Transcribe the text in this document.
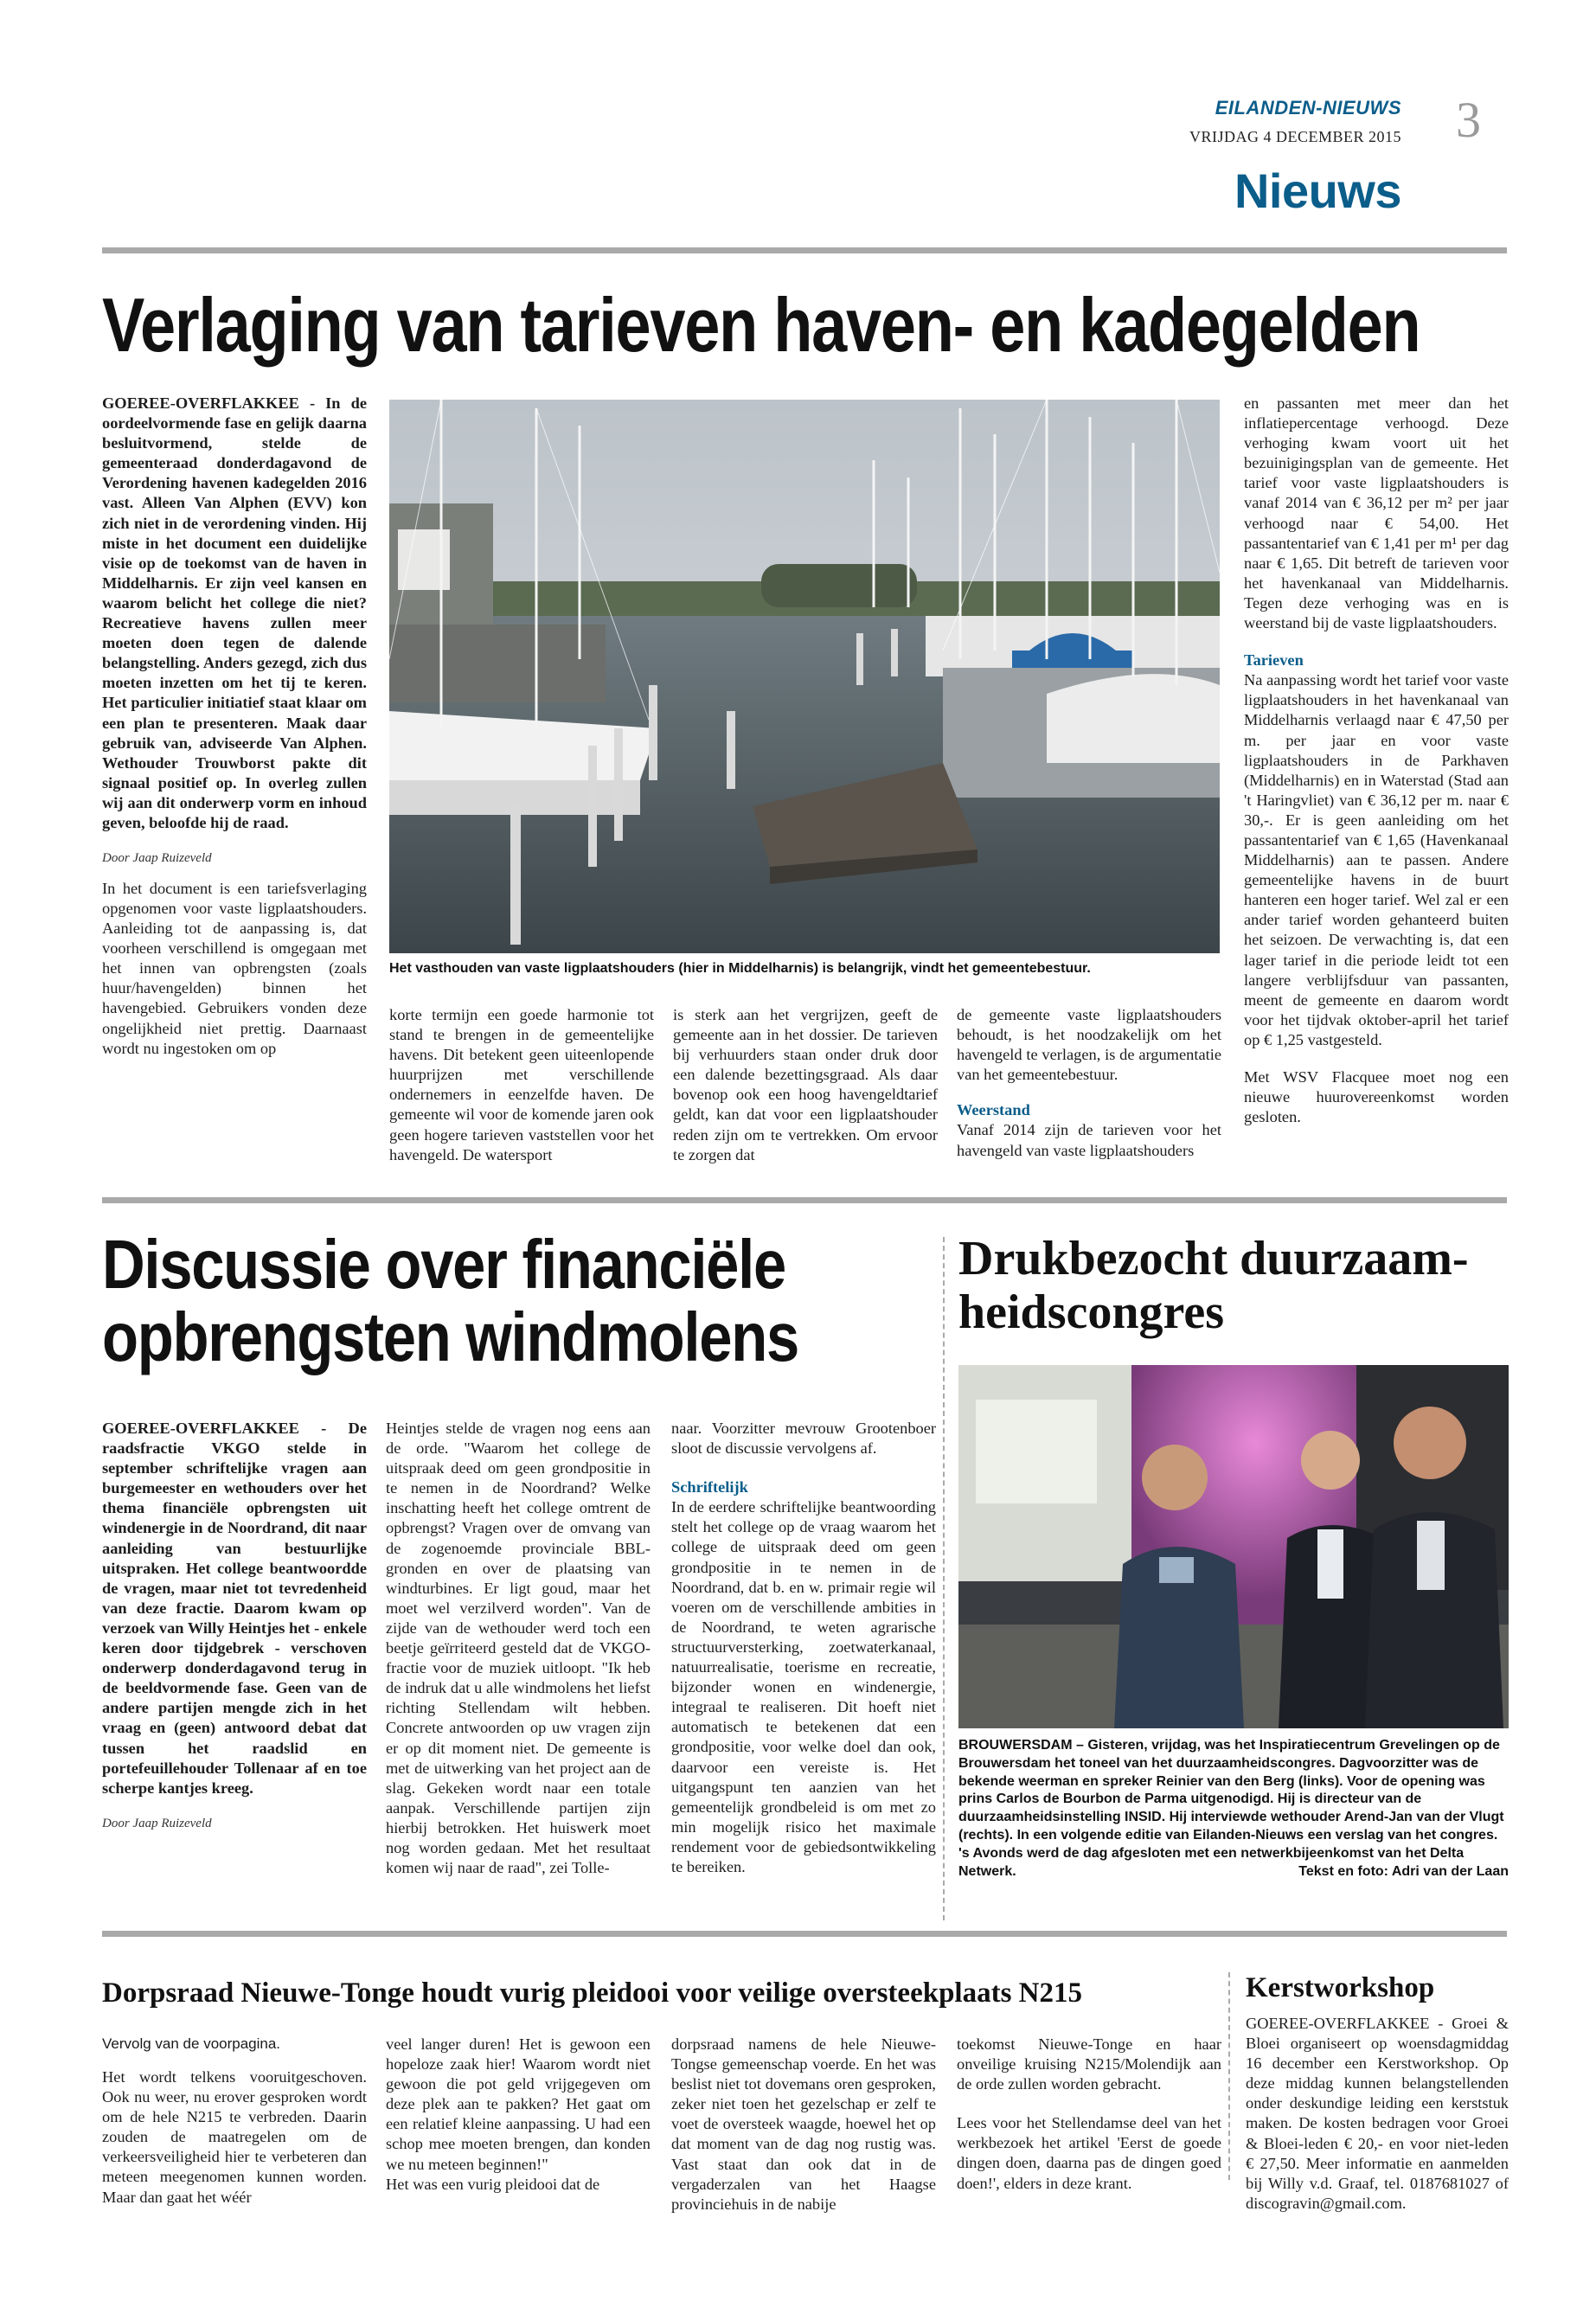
EILANDEN-NIEUWS
VRIJDAG 4 DECEMBER 2015 3
Nieuws
Verlaging van tarieven haven- en kadegelden

GOEREE-OVERFLAKKEE - In de oordeelvormende fase en gelijk daarna besluitvormend, stelde de gemeenteraad donderdagavond de Verordening havenen kadegelden 2016 vast. Alleen Van Alphen (EVV) kon zich niet in de verordening vinden. Hij miste in het document een duidelijke visie op de toekomst van de haven in Middelharnis. Er zijn veel kansen en waarom belicht het college die niet? Recreatieve havens zullen meer moeten doen tegen de dalende belangstelling. Anders gezegd, zich dus moeten inzetten om het tij te keren. Het particulier initiatief staat klaar om een plan te presenteren. Maak daar gebruik van, adviseerde Van Alphen. Wethouder Trouwborst pakte dit signaal positief op. In overleg zullen wij aan dit onderwerp vorm en inhoud geven, beloofde hij de raad.

Door Jaap Ruizeveld

In het document is een tariefsverlaging opgenomen voor vaste ligplaatshouders. Aanleiding tot de aanpassing is, dat voorheen verschillend is omgegaan met het innen van opbrengsten (zoals huur/havengelden) binnen het havengebied. Gebruikers vonden deze ongelijkheid niet prettig. Daarnaast wordt nu ingestoken om op

Het vasthouden van vaste ligplaatshouders (hier in Middelharnis) is belangrijk, vindt het gemeentebestuur.
korte termijn een goede harmonie tot stand te brengen in de gemeentelijke havens. Dit betekent geen uiteenlopende huurprijzen met verschillende ondernemers in eenzelfde haven. De gemeente wil voor de komende jaren ook geen hogere tarieven vaststellen voor het havengeld. De watersport
is sterk aan het vergrijzen, geeft de gemeente aan in het dossier. De tarieven bij verhuurders staan onder druk door een dalende bezettingsgraad. Als daar bovenop ook een hoog havengeldtarief geldt, kan dat voor een ligplaatshouder reden zijn om te vertrekken. Om ervoor te zorgen dat

de gemeente vaste ligplaatshouders behoudt, is het noodzakelijk om het havengeld te verlagen, is de argumentatie van het gemeentebestuur.

Weerstand

Vanaf 2014 zijn de tarieven voor het havengeld van vaste ligplaatshouders

en passanten met meer dan het inflatiepercentage verhoogd. Deze verhoging kwam voort uit het bezuinigingsplan van de gemeente. Het tarief voor vaste ligplaatshouders is vanaf 2014 van € 36,12 per m² per jaar verhoogd naar € 54,00. Het passantentarief van € 1,41 per m¹ per dag naar € 1,65. Dit betreft de tarieven voor het havenkanaal van Middelharnis. Tegen deze verhoging was en is weerstand bij de vaste ligplaatshouders.

Tarieven

Na aanpassing wordt het tarief voor vaste ligplaatshouders in het havenkanaal van Middelharnis verlaagd naar € 47,50 per m. per jaar en voor vaste ligplaatshouders in de Parkhaven (Middelharnis) en in Waterstad (Stad aan 't Haringvliet) van € 36,12 per m. naar € 30,-. Er is geen aanleiding om het passantentarief van € 1,65 (Havenkanaal Middelharnis) aan te passen. Andere gemeentelijke havens in de buurt hanteren een hoger tarief. Wel zal er een ander tarief worden gehanteerd buiten het seizoen. De verwachting is, dat een lager tarief in die periode leidt tot een langere verblijfsduur van passanten, meent de gemeente en daarom wordt voor het tijdvak oktober-april het tarief op € 1,25 vastgesteld.

Met WSV Flacquee moet nog een nieuwe huurovereenkomst worden gesloten.

Discussie over financiële
opbrengsten windmolens

GOEREE-OVERFLAKKEE - De raadsfractie VKGO stelde in september schriftelijke vragen aan burgemeester en wethouders over het thema financiële opbrengsten uit windenergie in de Noordrand, dit naar aanleiding van bestuurlijke uitspraken. Het college beantwoordde de vragen, maar niet tot tevredenheid van deze fractie. Daarom kwam op verzoek van Willy Heintjes het - enkele keren door tijdgebrek - verschoven onderwerp donderdagavond terug in de beeldvormende fase. Geen van de andere partijen mengde zich in het vraag en (geen) antwoord debat dat tussen het raadslid en portefeuillehouder Tollenaar af en toe scherpe kantjes kreeg.

Door Jaap Ruizeveld

Heintjes stelde de vragen nog eens aan de orde. "Waarom het college de uitspraak deed om geen grondpositie in te nemen in de Noordrand? Welke inschatting heeft het college omtrent de opbrengst? Vragen over de omvang van de zogenoemde provinciale BBL-gronden en over de plaatsing van windturbines. Er ligt goud, maar het moet wel verzilverd worden". Van de zijde van de wethouder werd toch een beetje geïrriteerd gesteld dat de VKGO-fractie voor de muziek uitloopt. "Ik heb de indruk dat u alle windmolens het liefst richting Stellendam wilt hebben. Concrete antwoorden op uw vragen zijn er op dit moment niet. De gemeente is met de uitwerking van het project aan de slag. Gekeken wordt naar een totale aanpak. Verschillende partijen zijn hierbij betrokken. Het huiswerk moet nog worden gedaan. Met het resultaat komen wij naar de raad", zei Tolle-

naar. Voorzitter mevrouw Grootenboer sloot de discussie vervolgens af.

Schriftelijk

In de eerdere schriftelijke beantwoording stelt het college op de vraag waarom het college de uitspraak deed om geen grondpositie in te nemen in de Noordrand, dat b. en w. primair regie wil voeren om de verschillende ambities in de Noordrand, te weten agrarische structuurversterking, zoetwaterkanaal, natuurrealisatie, toerisme en recreatie, bijzonder wonen en windenergie, integraal te realiseren. Dit hoeft niet automatisch te betekenen dat een grondpositie, voor welke doel dan ook, daarvoor een vereiste is. Het uitgangspunt ten aanzien van het gemeentelijk grondbeleid is om met zo min mogelijk risico het maximale rendement voor de gebiedsontwikkeling te bereiken.

Drukbezocht duurzaam-
heidscongres
BROUWERSDAM – Gisteren, vrijdag, was het Inspiratiecentrum Grevelingen op de Brouwersdam het toneel van het duurzaamheidscongres. Dagvoorzitter was de bekende weerman en spreker Reinier van den Berg (links). Voor de opening was prins Carlos de Bourbon de Parma uitgenodigd. Hij is directeur van de duurzaamheidsinstelling INSID. Hij interviewde wethouder Arend-Jan van der Vlugt (rechts). In een volgende editie van Eilanden-Nieuws een verslag van het congres. 's Avonds werd de dag afgesloten met een netwerkbijeenkomst van het Delta Netwerk.	Tekst en foto: Adri van der Laan
Dorpsraad Nieuwe-Tonge houdt vurig pleidooi voor veilige oversteekplaats N215
Vervolg van de voorpagina.
Het wordt telkens vooruitgeschoven. Ook nu weer, nu erover gesproken wordt om de hele N215 te verbreden. Daarin zouden de maatregelen om de verkeersveiligheid hier te verbeteren dan meteen meegenomen kunnen worden. Maar dan gaat het wéér

veel langer duren! Het is gewoon een hopeloze zaak hier! Waarom wordt niet gewoon die pot geld vrijgegeven om deze plek aan te pakken? Het gaat om een relatief kleine aanpassing. U had een schop mee moeten brengen, dan konden we nu meteen beginnen!"

Het was een vurig pleidooi dat de

dorpsraad namens de hele Nieuwe-Tongse gemeenschap voerde. En het was beslist niet tot dovemans oren gesproken, zeker niet toen het gezelschap er zelf te voet de oversteek waagde, hoewel het op dat moment van de dag nog rustig was. Vast staat dan ook dat in de vergaderzalen van het Haagse provinciehuis in de nabije

toekomst Nieuwe-Tonge en haar onveilige kruising N215/Molendijk aan de orde zullen worden gebracht.

Lees voor het Stellendamse deel van het werkbezoek het artikel 'Eerst de goede dingen doen, daarna pas de dingen goed doen!', elders in deze krant.

Kerstworkshop
GOEREE-OVERFLAKKEE - Groei & Bloei organiseert op woensdagmiddag 16 december een Kerstworkshop. Op deze middag kunnen belangstellenden onder deskundige leiding een kerststuk maken. De kosten bedragen voor Groei & Bloei-leden € 20,- en voor niet-leden € 27,50. Meer informatie en aanmelden bij Willy v.d. Graaf, tel. 0187681027 of discogravin@gmail.com.
